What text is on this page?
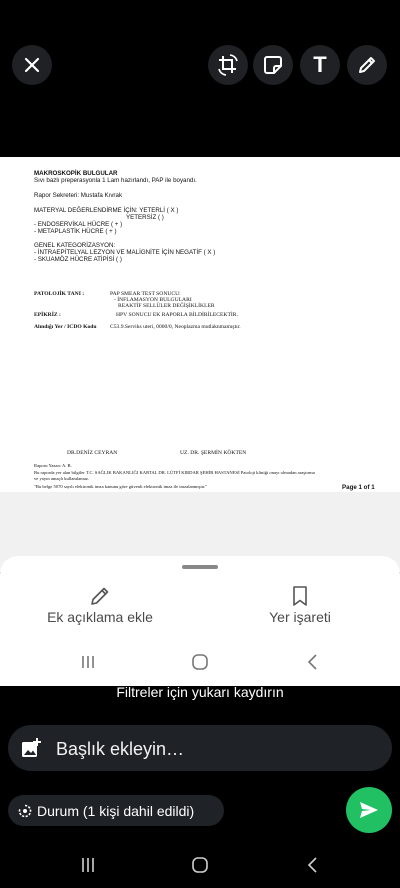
T
MAKROSKOPİK BULGULAR
Sıvı bazlı preperasyonla 1 Lam hazırlandı, PAP ile boyandı.
Rapor Sekreteri: Mustafa Kıvrak
MATERYAL DEĞERLENDİRME İÇİN: YETERLİ ( X )
YETERSİZ ( )
- ENDOSERVİKAL HÜCRE ( + )
- METAPLASTİK HÜCRE ( + )
GENEL KATEGORİZASYON:
- İNTRAEPİTELYAL LEZYON VE MALİGNİTE İÇİN NEGATİF ( X )
- SKUAMÖZ HÜCRE ATİPİSİ ( )
PATOLOJİK TANI :	PAP SMEAR TEST SONUCU:
- İNFLAMASYON BULGULARI
REAKTİF SELLÜLER DEĞİŞİKLİKLER
EPİKRİZ :	HPV SONUCU EK RAPORLA BİLDİRİLECEKTİR.
Alındığı Yer / ICDO Kodu C53.9.Serviks uteri, 0000/0, Neoplazma mutlaknmamıştır.
DR.DENİZ CEYRAN	UZ. DR. ŞERMİN KÖKTEN
Raporu Yazan: A. B.
Bu raporda yer alan bilgiler T.C. SAĞLIK BAKANLIĞI KARTAL DR. LÜTFİ KIRDAR ŞEHİR HASTANESİ Patoloji kliniği onayı olmadan araştırma
ve yayın amaçlı kullanılamaz.
"Bu belge 5070 sayılı elektronik imza kanunu göre güvenli elektronik imza ile imzalanmıştır."	Page 1 of 1
Ek açıklama ekle	Yer işareti
Filtreler için yukarı kaydırın
Başlık ekleyin…
Durum (1 kişi dahil edildi)
